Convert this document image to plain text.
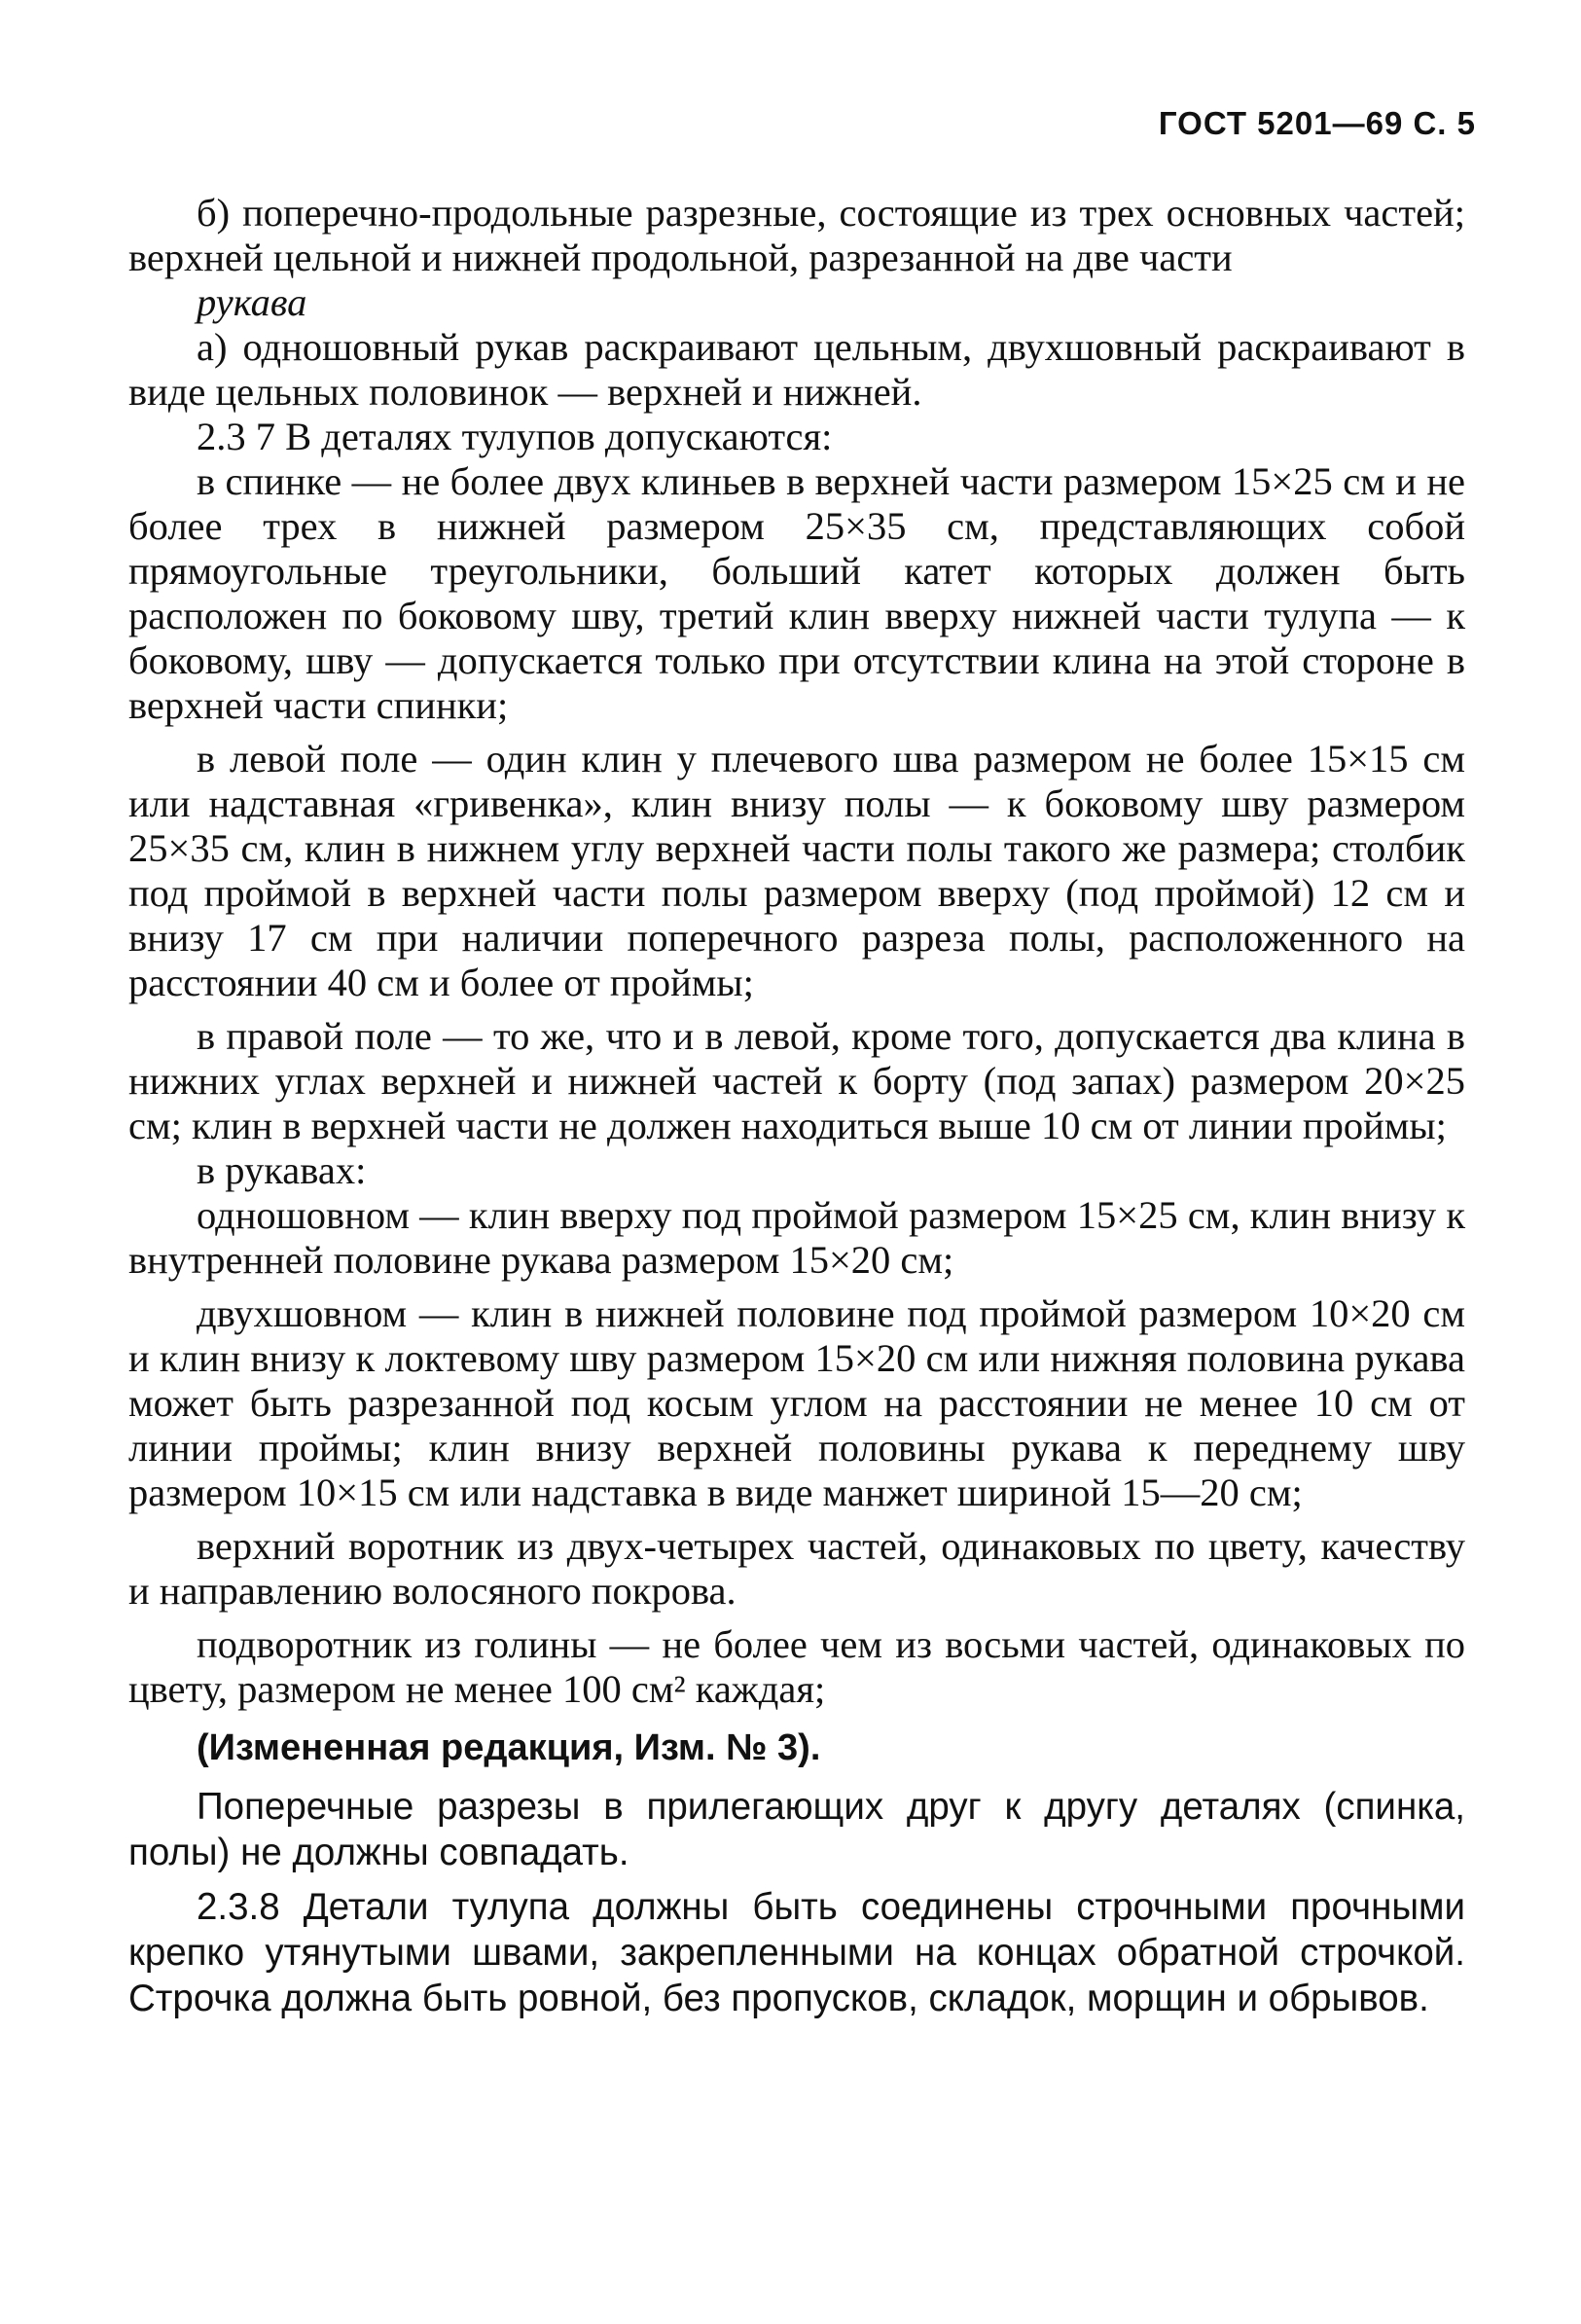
ГОСТ 5201—69 С. 5

б) поперечно-продольные разрезные, состоящие из трех основных частей; верхней цельной и нижней продольной, разрезанной на две части

рукава

а) одношовный рукав раскраивают цельным, двухшовный раскраивают в виде цельных половинок — верхней и нижней.

2.3 7 В деталях тулупов допускаются:

в спинке — не более двух клиньев в верхней части размером 15×25 см и не более трех в нижней размером 25×35 см, представляющих собой прямоугольные треугольники, больший катет которых должен быть расположен по боковому шву, третий клин вверху нижней части тулупа — к боковому, шву — допускается только при отсутствии клина на этой стороне в верхней части спинки;

в левой поле — один клин у плечевого шва размером не более 15×15 см или надставная «гривенка», клин внизу полы — к боковому шву размером 25×35 см, клин в нижнем углу верхней части полы такого же размера; столбик под проймой в верхней части полы размером вверху (под проймой) 12 см и внизу 17 см при наличии поперечного разреза полы, расположенного на расстоянии 40 см и более от проймы;

в правой поле — то же, что и в левой, кроме того, допускается два клина в нижних углах верхней и нижней частей к борту (под запах) размером 20×25 см; клин в верхней части не должен находиться выше 10 см от линии проймы;

в рукавах:

одношовном — клин вверху под проймой размером 15×25 см, клин внизу к внутренней половине рукава размером 15×20 см;

двухшовном — клин в нижней половине под проймой размером 10×20 см и клин внизу к локтевому шву размером 15×20 см или нижняя половина рукава может быть разрезанной под косым углом на расстоянии не менее 10 см от линии проймы; клин внизу верхней половины рукава к переднему шву размером 10×15 см или надставка в виде манжет шириной 15—20 см;

верхний воротник из двух-четырех частей, одинаковых по цвету, качеству и направлению волосяного покрова.

подворотник из голины — не более чем из восьми частей, одинаковых по цвету, размером не менее 100 см² каждая;

(Измененная редакция, Изм. № 3).

Поперечные разрезы в прилегающих друг к другу деталях (спинка, полы) не должны совпадать.

2.3.8 Детали тулупа должны быть соединены строчными прочными крепко утянутыми швами, закрепленными на концах обратной строчкой. Строчка должна быть ровной, без пропусков, складок, морщин и обрывов.
